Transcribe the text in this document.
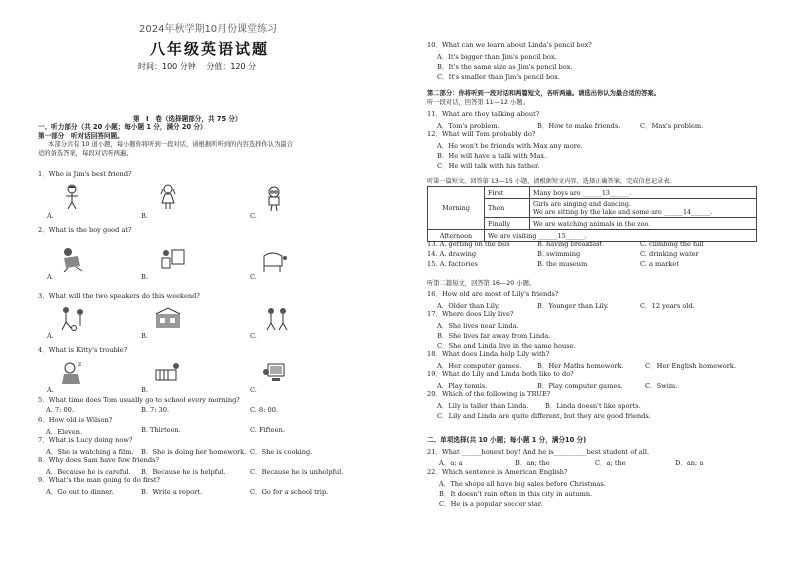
2024年秋学期10月份课堂练习
八年级英语试题
时间：100 分钟　 分值：120 分
第　Ⅰ　卷（选择题部分，共 75 分）
一、听力部分（共 20 小题；每小题 1 分，满分 20 分）
第一部分　听对话回答问题。
本部分共有 10 道小题，每小题你将听到一段对话，请根据所听到的内容选择你认为最合
适的备选答案，每段对话听两遍。
1．Who is Jim's best friend?
A.	B.	C.
2．What is the boy good at?
A.	B.	C.
3．What will the two speakers do this weekend?
A.	B.	C.
4．What is Kitty's trouble?
A.	B.	C.
z
5．What time does Tom usually go to school every morning?
A. 7: 00.	B. 7: 30.	C. 8: 00.
6．How old is Wilson?
A．Eleven.	B. Thirteen.	C. Fifteen.
7．What is Lucy doing now?
A．She is watching a film. B．She is doing her homework. C．She is cooking.
8．Why does Sam have few friends?
A．Because he is careful. B．Because he is helpful.	C．Because he is unhelpful.
9．What's the man going to do first?
A．Go out to dinner.	B．Write a report.	C．Go for a school trip.
10．What can we learn about Linda's pencil box?
A．It's bigger than Jim's pencil box.
B．It's the same size as Jim's pencil box.
C．It's smaller than Jim's pencil box.
第二部分：你将听到一段对话和两篇短文，各听两遍。请选出你认为最合适的答案。
听一段对话，回答第 11—12 小题。
11．What are they talking about?
A．Tom's problem.	B．How to make friends.	C．Max's problem.
12．What will Tom probably do?
A．He won't be friends with Max any more.
B．He will have a talk with Max.
C．He will talk with his father.
听第一篇短文，回答第 13—15 小题，请根据短文内容，选择正确答案，完成信息记录表。
Morning	First	Many boys are ______13______.
	Then	Girls are singing and dancing.
We are sitting by the lake and some are ______14______.

	Finally	We are watching animals in the zoo.
Afternoon	We are visiting ______15______.	
13. A. getting on the bus	B. having breakfast	C. climbing the hill
14. A. drawing	B. swimming	C. drinking water
15. A. factories	B. the museum	C. a market
听第二篇短文，回答第 16—20 小题。
16．How old are most of Lily's friends?
A．Older than Lily.	B．Younger than Lily.	C．12 years old.
17．Where does Lily live?
A．She lives near Linda.
B．She lives far away from Linda.
C．She and Linda live in the same house.
18．What does Linda help Lily with?
A．Her computer games. B．Her Maths homework.	C．Her English homework.
19．What do Lily and Linda both like to do?
A．Play tennis.	B．Play computer games.	C．Swim.
20．Which of the following is TRUE?
A．Lily is taller than Linda.	B．Linda doesn't like sports.
C．Lily and Linda are quite different, but they are good friends.
二、单项选择(共 10 小题；每小题 1 分，满分10 分)
21．What ______honest boy! And he is__________best student of all.
A．a; a	B．an; the	C．a; the	D．an; a
22．Which sentence is American English?
A．The shops all have big sales before Christmas.
B．It doesn't rain often in this city in autumn.
C．He is a popular soccer star.
